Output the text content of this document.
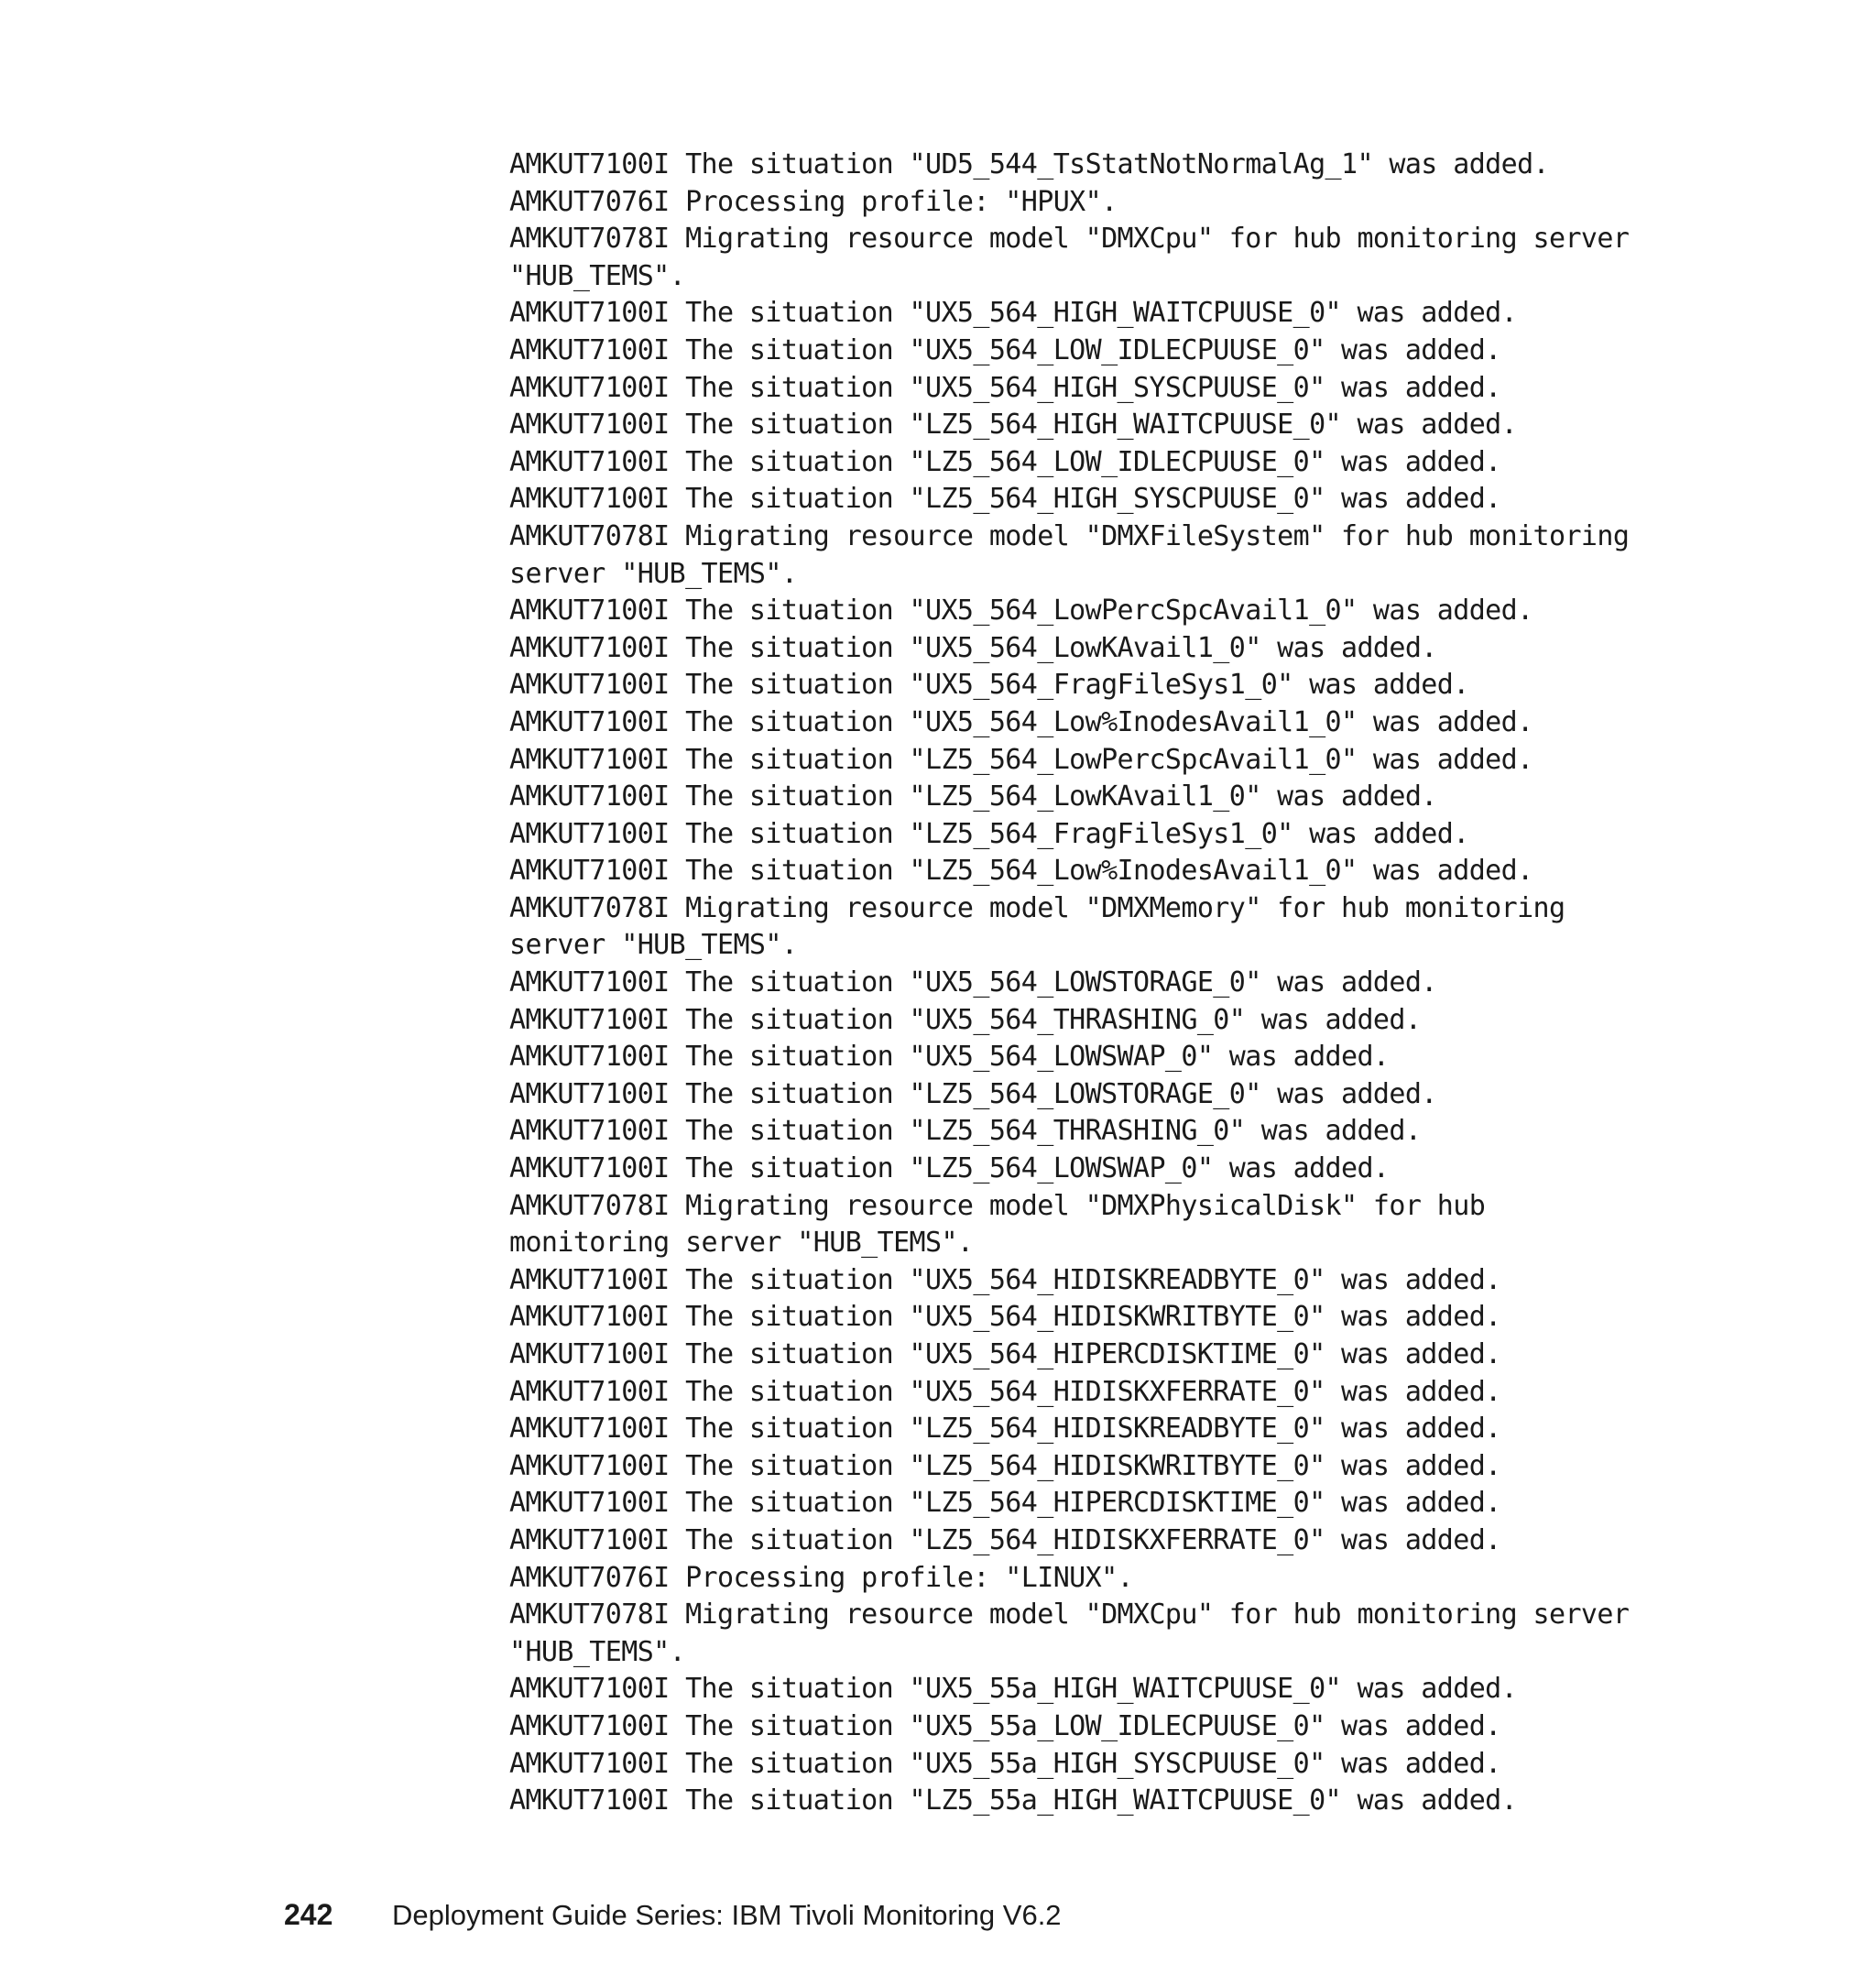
AMKUT7100I The situation "UD5_544_TsStatNotNormalAg_1" was added.
AMKUT7076I Processing profile: "HPUX".
AMKUT7078I Migrating resource model "DMXCpu" for hub monitoring server
"HUB_TEMS".
AMKUT7100I The situation "UX5_564_HIGH_WAITCPUUSE_0" was added.
AMKUT7100I The situation "UX5_564_LOW_IDLECPUUSE_0" was added.
AMKUT7100I The situation "UX5_564_HIGH_SYSCPUUSE_0" was added.
AMKUT7100I The situation "LZ5_564_HIGH_WAITCPUUSE_0" was added.
AMKUT7100I The situation "LZ5_564_LOW_IDLECPUUSE_0" was added.
AMKUT7100I The situation "LZ5_564_HIGH_SYSCPUUSE_0" was added.
AMKUT7078I Migrating resource model "DMXFileSystem" for hub monitoring
server "HUB_TEMS".
AMKUT7100I The situation "UX5_564_LowPercSpcAvail1_0" was added.
AMKUT7100I The situation "UX5_564_LowKAvail1_0" was added.
AMKUT7100I The situation "UX5_564_FragFileSys1_0" was added.
AMKUT7100I The situation "UX5_564_Low%InodesAvail1_0" was added.
AMKUT7100I The situation "LZ5_564_LowPercSpcAvail1_0" was added.
AMKUT7100I The situation "LZ5_564_LowKAvail1_0" was added.
AMKUT7100I The situation "LZ5_564_FragFileSys1_0" was added.
AMKUT7100I The situation "LZ5_564_Low%InodesAvail1_0" was added.
AMKUT7078I Migrating resource model "DMXMemory" for hub monitoring
server "HUB_TEMS".
AMKUT7100I The situation "UX5_564_LOWSTORAGE_0" was added.
AMKUT7100I The situation "UX5_564_THRASHING_0" was added.
AMKUT7100I The situation "UX5_564_LOWSWAP_0" was added.
AMKUT7100I The situation "LZ5_564_LOWSTORAGE_0" was added.
AMKUT7100I The situation "LZ5_564_THRASHING_0" was added.
AMKUT7100I The situation "LZ5_564_LOWSWAP_0" was added.
AMKUT7078I Migrating resource model "DMXPhysicalDisk" for hub
monitoring server "HUB_TEMS".
AMKUT7100I The situation "UX5_564_HIDISKREADBYTE_0" was added.
AMKUT7100I The situation "UX5_564_HIDISKWRITBYTE_0" was added.
AMKUT7100I The situation "UX5_564_HIPERCDISKTIME_0" was added.
AMKUT7100I The situation "UX5_564_HIDISKXFERRATE_0" was added.
AMKUT7100I The situation "LZ5_564_HIDISKREADBYTE_0" was added.
AMKUT7100I The situation "LZ5_564_HIDISKWRITBYTE_0" was added.
AMKUT7100I The situation "LZ5_564_HIPERCDISKTIME_0" was added.
AMKUT7100I The situation "LZ5_564_HIDISKXFERRATE_0" was added.
AMKUT7076I Processing profile: "LINUX".
AMKUT7078I Migrating resource model "DMXCpu" for hub monitoring server
"HUB_TEMS".
AMKUT7100I The situation "UX5_55a_HIGH_WAITCPUUSE_0" was added.
AMKUT7100I The situation "UX5_55a_LOW_IDLECPUUSE_0" was added.
AMKUT7100I The situation "UX5_55a_HIGH_SYSCPUUSE_0" was added.
AMKUT7100I The situation "LZ5_55a_HIGH_WAITCPUUSE_0" was added.
242	Deployment Guide Series: IBM Tivoli Monitoring V6.2
